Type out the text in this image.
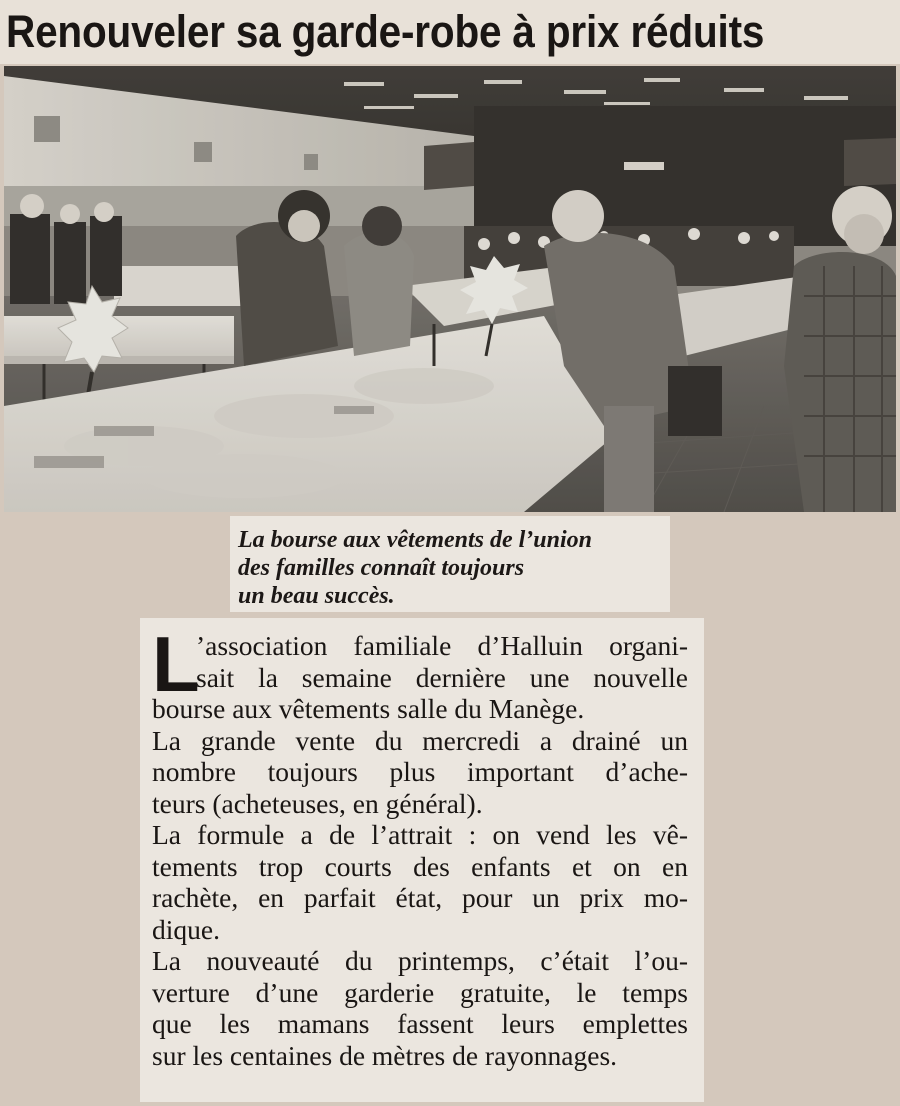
Renouveler sa garde-robe à prix réduits

La bourse aux vêtements de l’union
des familles connaît toujours
un beau succès.

L
’association familiale d’Halluin organi-
sait la semaine dernière une nouvelle
bourse aux vêtements salle du Manège.
La grande vente du mercredi a drainé un
nombre toujours plus important d’ache-
teurs (acheteuses, en général).
La formule a de l’attrait : on vend les vê-
tements trop courts des enfants et on en
rachète, en parfait état, pour un prix mo-
dique.
La nouveauté du printemps, c’était l’ou-
verture d’une garderie gratuite, le temps
que les mamans fassent leurs emplettes
sur les centaines de mètres de rayonnages.
